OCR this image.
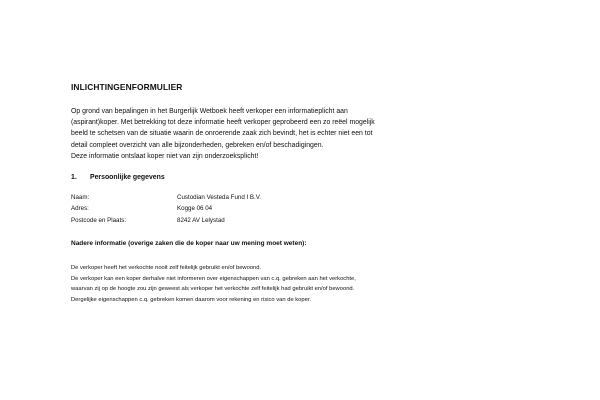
INLICHTINGENFORMULIER
Op grond van bepalingen in het Burgerlijk Wetboek heeft verkoper een informatieplicht aan
(aspirant)koper. Met betrekking tot deze informatie heeft verkoper geprobeerd een zo reëel mogelijk
beeld te schetsen van de situatie waarin de onroerende zaak zich bevindt, het is echter niet een tot
detail compleet overzicht van alle bijzonderheden, gebreken en/of beschadigingen.
Deze informatie ontslaat koper niet van zijn onderzoeksplicht!
1. Persoonlijke gegevens
Naam:	Custodian Vesteda Fund I B.V.
Adres:	Kogge 06 04
Postcode en Plaats:	8242 AV Lelystad
Nadere informatie (overige zaken die de koper naar uw mening moet weten):
De verkoper heeft het verkochte nooit zelf feitelijk gebruikt en/of bewoond.
De verkoper kan een koper derhalve niet informeren over eigenschappen van c.q. gebreken aan het verkochte,
waarvan zij op de hoogte zou zijn geweest als verkoper het verkochte zelf feitelijk had gebruikt en/of bewoond.
Dergelijke eigenschappen c.q. gebreken komen daarom voor rekening en risico van de koper.
